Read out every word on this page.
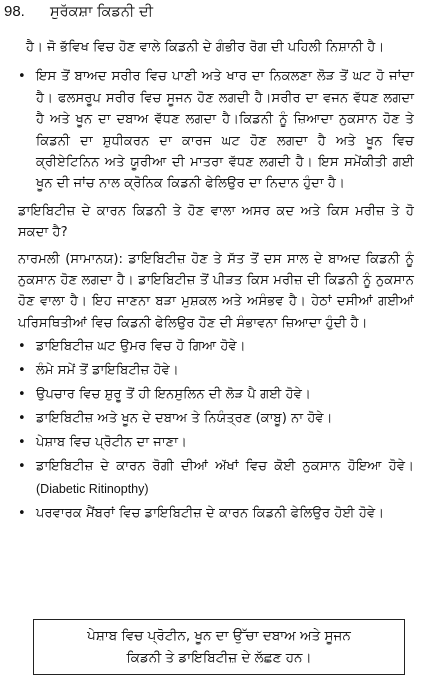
98.	ਸੁਰੱਕਸ਼ਾ ਕਿਡਨੀ ਦੀ

ਹੈ। ਜੋ ਭੱਵਿਖ ਵਿਚ ਹੋਣ ਵਾਲੇ ਕਿਡਨੀ ਦੇ ਗੰਭੀਰ ਰੋਗ ਦੀ ਪਹਿਲੀ ਨਿਸ਼ਾਨੀ ਹੈ।

• ਇਸ ਤੋਂ ਬਾਅਦ ਸਰੀਰ ਵਿਚ ਪਾਣੀ ਅਤੇ ਖਾਰ ਦਾ ਨਿਕਲਣਾ ਲੋੜ ਤੋਂ ਘਟ ਹੋ ਜਾਂਦਾ ਹੈ। ਫਲਸਰੂਪ ਸਰੀਰ ਵਿਚ ਸੂਜਨ ਹੋਣ ਲਗਦੀ ਹੈ।ਸਰੀਰ ਦਾ ਵਜਨ ਵੱਧਣ ਲਗਦਾ ਹੈ ਅਤੇ ਖੂਨ ਦਾ ਦਬਾਅ ਵੱਧਣ ਲਗਦਾ ਹੈ।ਕਿਡਨੀ ਨੂੰ ਜ਼ਿਆਦਾ ਨੁਕਸਾਨ ਹੋਣ ਤੇ ਕਿਡਨੀ ਦਾ ਸ਼ੁਧੀਕਰਨ ਦਾ ਕਾਰਜ ਘਟ ਹੋਣ ਲਗਦਾ ਹੈ ਅਤੇ ਖੂਨ ਵਿਚ ਕ੍ਰੀਏਟਿਨਿਨ ਅਤੇ ਯੂਰੀਆ ਦੀ ਮਾਤਰਾ ਵੱਧਣ ਲਗਦੀ ਹੈ। ਇਸ ਸਮੇਂਕੀਤੀ ਗਈ ਖੂਨ ਦੀ ਜਾਂਚ ਨਾਲ ਕ੍ਰੋਨਿਕ ਕਿਡਨੀ ਫੇਲਿਉਰ ਦਾ ਨਿਦਾਨ ਹੁੰਦਾ ਹੈ।

ਡਾਇਬਿਟੀਜ਼ ਦੇ ਕਾਰਨ ਕਿਡਨੀ ਤੇ ਹੋਣ ਵਾਲਾ ਅਸਰ ਕਦ ਅਤੇ ਕਿਸ ਮਰੀਜ਼ ਤੇ ਹੋ ਸਕਦਾ ਹੈ?

ਨਾਰਮਲੀ (ਸਾਮਾਨਯ): ਡਾਇਬਿਟੀਜ਼ ਹੋਣ ਤੇ ਸੱਤ ਤੋਂ ਦਸ ਸਾਲ ਦੇ ਬਾਅਦ ਕਿਡਨੀ ਨੂੰ ਨੁਕਸਾਨ ਹੋਣ ਲਗਦਾ ਹੈ। ਡਾਇਬਿਟੀਜ਼ ਤੋਂ ਪੀੜਤ ਕਿਸ ਮਰੀਜ਼ ਦੀ ਕਿਡਨੀ ਨੂੰ ਨੁਕਸਾਨ ਹੋਣ ਵਾਲਾ ਹੈ। ਇਹ ਜਾਣਨਾ ਬੜਾ ਮੁਸ਼ਕਲ ਅਤੇ ਅਸੰਭਵ ਹੈ। ਹੇਠਾਂ ਦਸੀਆਂ ਗਈਆਂ ਪਰਿਸਥਿਤੀਆਂ ਵਿਚ ਕਿਡਨੀ ਫੇਲਿਉਰ ਹੋਣ ਦੀ ਸੰਭਾਵਨਾ ਜ਼ਿਆਦਾ ਹੁੰਦੀ ਹੈ।

• ਡਾਇਬਿਟੀਜ਼ ਘਟ ਉਮਰ ਵਿਚ ਹੋ ਗਿਆ ਹੋਵੇ।

• ਲੰਮੇ ਸਮੇਂ ਤੋਂ ਡਾਇਬਿਟੀਜ਼ ਹੋਵੇ।

• ਉਪਚਾਰ ਵਿਚ ਸ਼ੁਰੂ ਤੋਂ ਹੀ ਇਨਸੁਲਿਨ ਦੀ ਲੋੜ ਪੈ ਗਈ ਹੋਵੇ।

• ਡਾਇਬਿਟੀਜ਼ ਅਤੇ ਖੂਨ ਦੇ ਦਬਾਅ ਤੇ ਨਿਯੰਤ੍ਰਣ (ਕਾਬੂ) ਨਾ ਹੋਵੇ।

• ਪੇਸ਼ਾਬ ਵਿਚ ਪ੍ਰੋਟੀਨ ਦਾ ਜਾਣਾ।

• ਡਾਇਬਿਟੀਜ਼ ਦੇ ਕਾਰਨ ਰੋਗੀ ਦੀਆਂ ਅੱਖਾਂ ਵਿਚ ਕੋਈ ਨੁਕਸਾਨ ਹੋਇਆ ਹੋਵੇ। (Diabetic Ritinopthy)

• ਪਰਵਾਰਕ ਮੈਂਬਰਾਂ ਵਿਚ ਡਾਇਬਿਟੀਜ਼ ਦੇ ਕਾਰਨ ਕਿਡਨੀ ਫੇਲਿਉਰ ਹੋਈ ਹੋਵੇ।

ਪੇਸ਼ਾਬ ਵਿਚ ਪ੍ਰੋਟੀਨ, ਖੂਨ ਦਾ ਉੱਚਾ ਦਬਾਅ ਅਤੇ ਸੂਜਨ

ਕਿਡਨੀ ਤੇ ਡਾਇਬਿਟੀਜ਼ ਦੇ ਲੱਛਣ ਹਨ।
